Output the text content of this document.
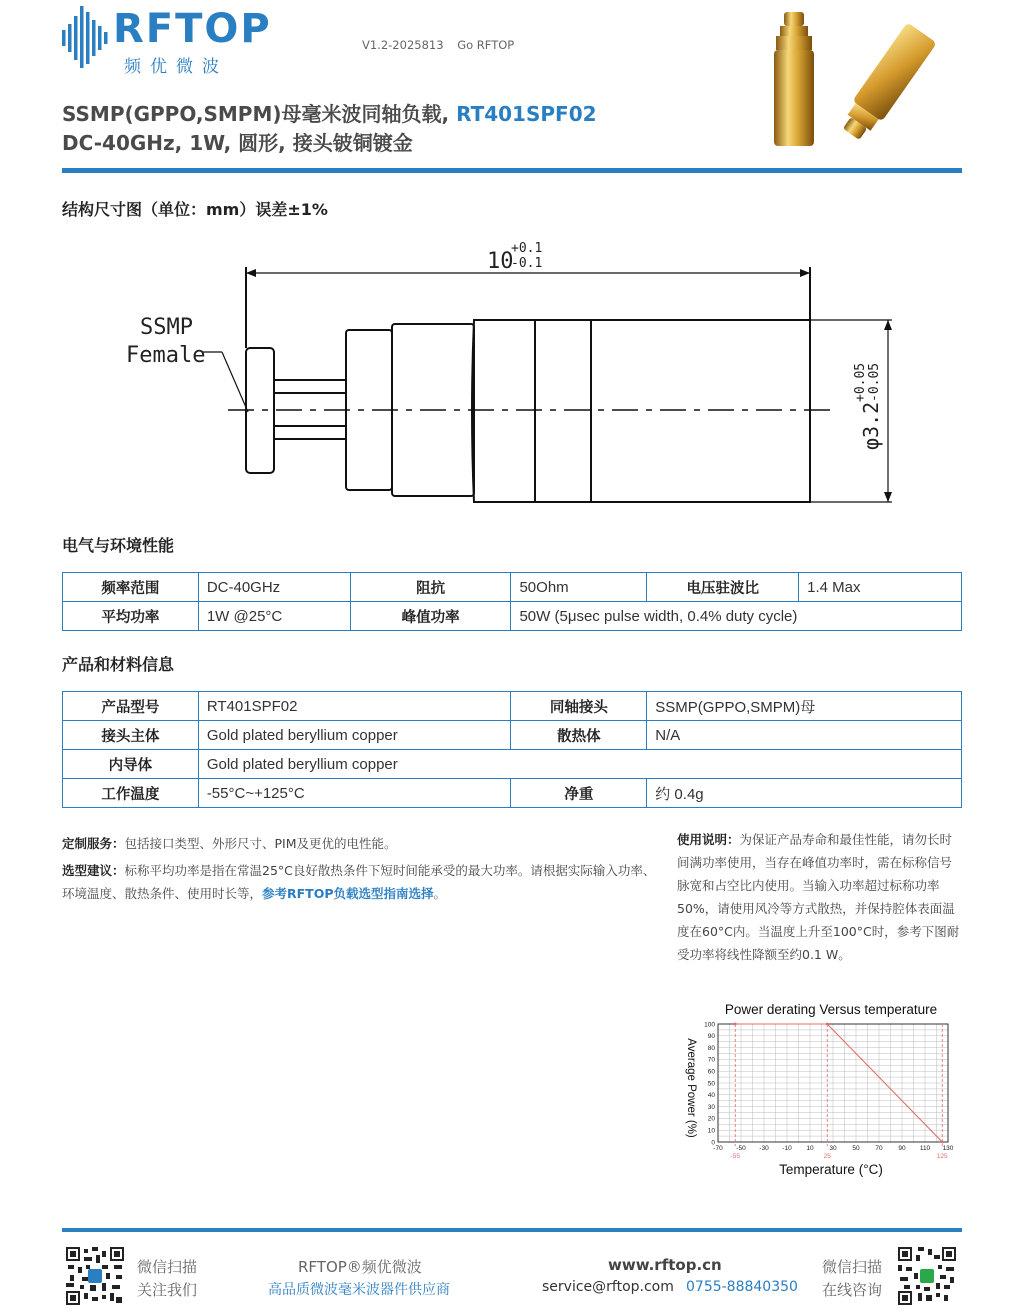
RFTOP
频优微波
V1.2-2025813 Go RFTOP
SSMP(GPPO,SMPM)母毫米波同轴负载, RT401SPF02
DC-40GHz, 1W, 圆形, 接头铍铜镀金
结构尺寸图（单位：mm）误差±1%
10
+0.1
-0.1
SSMP
Female
φ3.2
+0.05 -0.05
电气与环境性能
频率范围	DC-40GHz	阻抗	50Ohm	电压驻波比	1.4 Max
平均功率	1W @25°C	峰值功率	50W (5μsec pulse width, 0.4% duty cycle)		
产品和材料信息
产品型号	RT401SPF02	同轴接头	SSMP(GPPO,SMPM)母
接头主体	Gold plated beryllium copper	散热体	N/A
内导体	Gold plated beryllium copper		
工作温度	-55°C~+125°C	净重	约 0.4g
定制服务：包括接口类型、外形尺寸、PIM及更优的电性能。
选型建议：标称平均功率是指在常温25°C良好散热条件下短时间能承受的最大功率。请根据实际输入功率、环境温度、散热条件、使用时长等，参考RFTOP负载选型指南选择。
使用说明：为保证产品寿命和最佳性能，请勿长时间满功率使用，当存在峰值功率时，需在标称信号脉宽和占空比内使用。当输入功率超过标称功率50%，请使用风冷等方式散热，并保持腔体表面温度在60°C内。当温度上升至100°C时，参考下图耐受功率将线性降额至约0.1 W。
Power derating Versus temperature
Temperature (°C)
Average Power (%)
-55	25	125
-70 -50 -30 -10 10 30 50 70 90 110 130
0
10
20
30
40
50
60
70
80
90
100
微信扫描
关注我们
RFTOP®频优微波
高品质微波毫米波器件供应商
www.rftop.cn
service@rftop.com 0755-88840350
微信扫描
在线咨询
